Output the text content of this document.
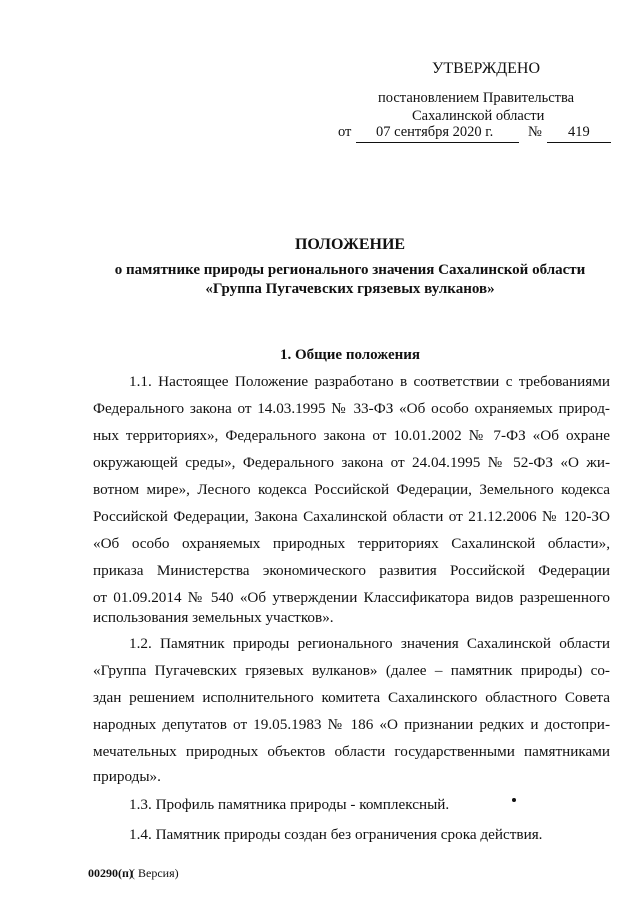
УТВЕРЖДЕНО
постановлением Правительства
Сахалинской области
от 07 сентября 2020 г. № 419
ПОЛОЖЕНИЕ
о памятнике природы регионального значения Сахалинской области
«Группа Пугачевских грязевых вулканов»
1. Общие положения
1.1. Настоящее Положение разработано в соответствии с требованиями
Федерального закона от 14.03.1995 № 33-ФЗ «Об особо охраняемых природ-
ных территориях», Федерального закона от 10.01.2002 № 7-ФЗ «Об охране
окружающей среды», Федерального закона от 24.04.1995 № 52-ФЗ «О жи-
вотном мире», Лесного кодекса Российской Федерации, Земельного кодекса
Российской Федерации, Закона Сахалинской области от 21.12.2006 № 120-ЗО
«Об особо охраняемых природных территориях Сахалинской области»,
приказа Министерства экономического развития Российской Федерации
от 01.09.2014 № 540 «Об утверждении Классификатора видов разрешенного
использования земельных участков».
1.2. Памятник природы регионального значения Сахалинской области
«Группа Пугачевских грязевых вулканов» (далее – памятник природы) со-
здан решением исполнительного комитета Сахалинского областного Совета
народных депутатов от 19.05.1983 № 186 «О признании редких и достопри-
мечательных природных объектов области государственными памятниками
природы».
1.3. Профиль памятника природы - комплексный.
1.4. Памятник природы создан без ограничения срока действия.
00290(п)
( Версия)
